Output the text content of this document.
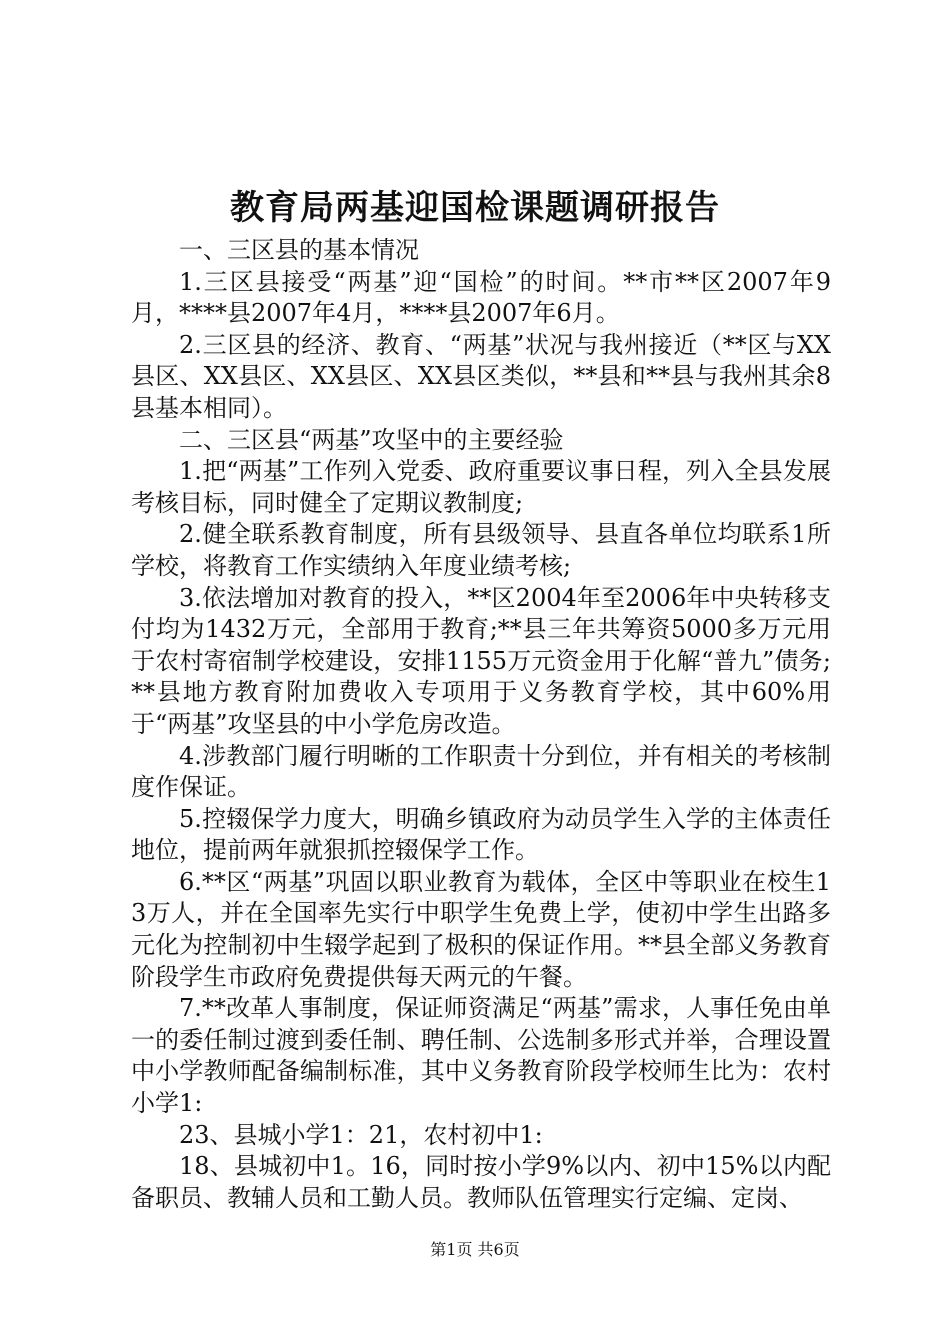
教育局两基迎国检课题调研报告

一、三区县的基本情况

1.三区县接受“两基”迎“国检”的时间。**市**区2007年9月，****县2007年4月，****县2007年6月。

2.三区县的经济、教育、“两基”状况与我州接近（**区与XX县区、XX县区、XX县区、XX县区类似，**县和**县与我州其余8县基本相同）。

二、三区县“两基”攻坚中的主要经验

1.把“两基”工作列入党委、政府重要议事日程，列入全县发展考核目标，同时健全了定期议教制度;

2.健全联系教育制度，所有县级领导、县直各单位均联系1所学校，将教育工作实绩纳入年度业绩考核;

3.依法增加对教育的投入，**区2004年至2006年中央转移支付均为1432万元，全部用于教育;**县三年共筹资5000多万元用于农村寄宿制学校建设，安排1155万元资金用于化解“普九”债务;**县地方教育附加费收入专项用于义务教育学校，其中60%用于“两基”攻坚县的中小学危房改造。

4.涉教部门履行明晰的工作职责十分到位，并有相关的考核制度作保证。

5.控辍保学力度大，明确乡镇政府为动员学生入学的主体责任地位，提前两年就狠抓控辍保学工作。

6.**区“两基”巩固以职业教育为载体，全区中等职业在校生13万人，并在全国率先实行中职学生免费上学，使初中学生出路多元化为控制初中生辍学起到了极积的保证作用。**县全部义务教育阶段学生市政府免费提供每天两元的午餐。

7.**改革人事制度，保证师资满足“两基”需求，人事任免由单一的委任制过渡到委任制、聘任制、公选制多形式并举，合理设置中小学教师配备编制标准，其中义务教育阶段学校师生比为：农村小学1:

23、县城小学1：21，农村初中1:

18、县城初中1。16，同时按小学9%以内、初中15%以内配备职员、教辅人员和工勤人员。教师队伍管理实行定编、定岗、

第1页 共6页
